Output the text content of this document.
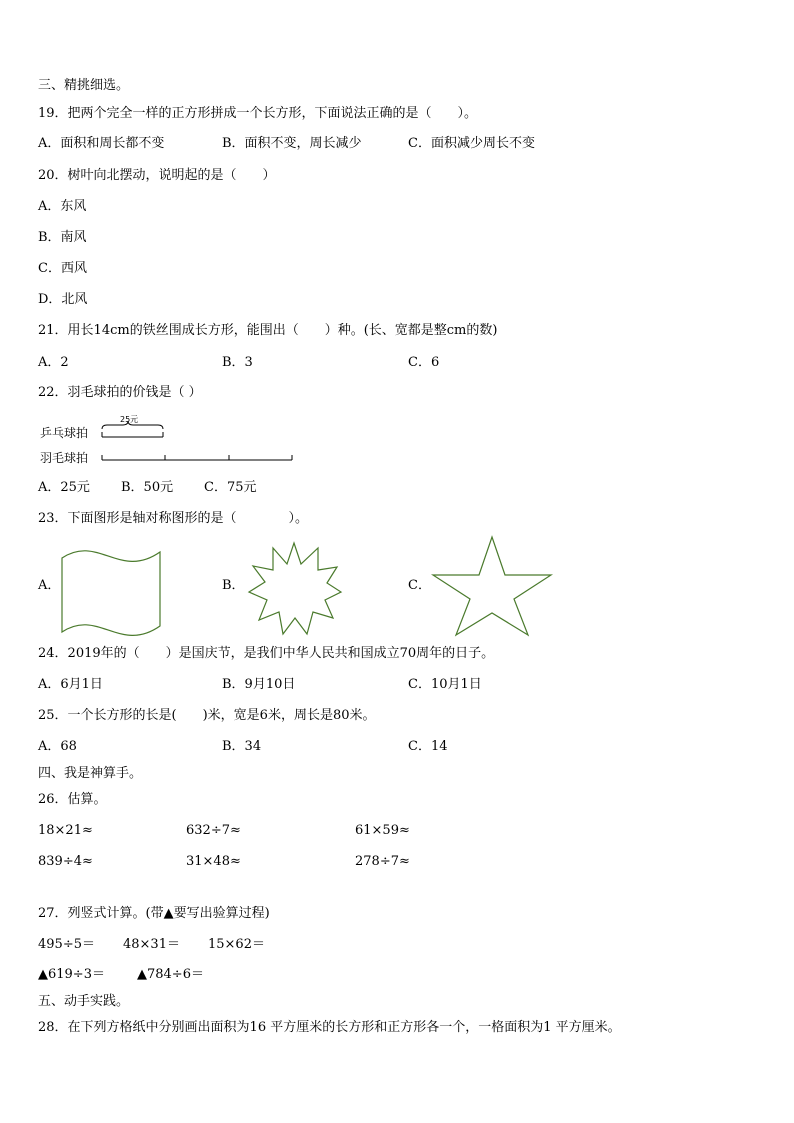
三、精挑细选。
19．把两个完全一样的正方形拼成一个长方形，下面说法正确的是（　　）。
A．面积和周长都不变	B．面积不变，周长减少	C．面积减少周长不变
20．树叶向北摆动，说明起的是（　　）
A．东风
B．南风
C．西风
D．北风
21．用长14cm的铁丝围成长方形，能围出（　　）种。(长、宽都是整cm的数)
A．2	B．3	C．6
22．羽毛球拍的价钱是（ ）
乒乓球拍
羽毛球拍
25元
A．25元 B．50元 C．75元
23．下面图形是轴对称图形的是（　　　　）。
A．	B．	C．
24．2019年的（　　）是国庆节，是我们中华人民共和国成立70周年的日子。
A．6月1日	B．9月10日	C．10月1日
25．一个长方形的长是(　　)米，宽是6米，周长是80米。
A．68	B．34	C．14
四、我是神算手。
26．估算。
18×21≈	632÷7≈	61×59≈
839÷4≈	31×48≈	278÷7≈
27．列竖式计算。(带▲要写出验算过程)
495÷5＝ 48×31＝ 15×62＝
▲619÷3＝ ▲784÷6＝
五、动手实践。
28．在下列方格纸中分别画出面积为16 平方厘米的长方形和正方形各一个，一格面积为1 平方厘米。
